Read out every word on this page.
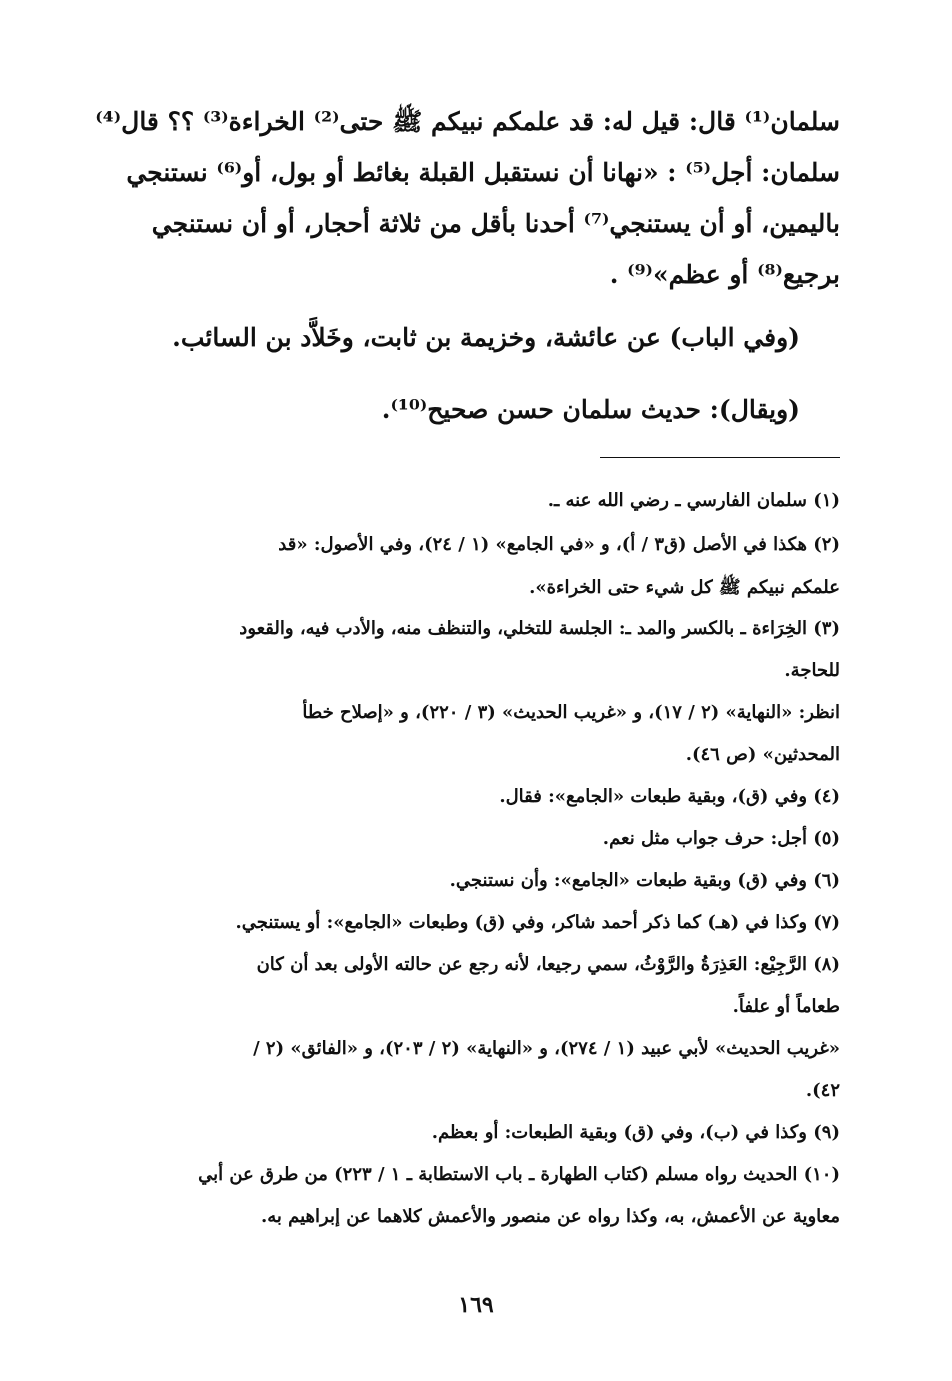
سلمان⁽¹⁾ قال: قيل له: قد علمكم نبيكم ﷺ حتى⁽²⁾ الخراءة⁽³⁾ ؟؟ قال⁽⁴⁾
سلمان: أجل⁽⁵⁾ : «نهانا أن نستقبل القبلة بغائط أو بول، أو⁽⁶⁾ نستنجي
باليمين، أو أن يستنجي⁽⁷⁾ أحدنا بأقل من ثلاثة أحجار، أو أن نستنجي
برجيع⁽⁸⁾ أو عظم»⁽⁹⁾ .
(وفي الباب) عن عائشة، وخزيمة بن ثابت، وخَلاَّد بن السائب.
(ويقال): حديث سلمان حسن صحيح⁽¹⁰⁾.
(١) سلمان الفارسي ـ رضي الله عنه ـ.
(٢) هكذا في الأصل (ق٣ / أ)، و «في الجامع» (١ / ٢٤)، وفي الأصول: «قد
علمكم نبيكم ﷺ كل شيء حتى الخراءة».
(٣) الخِرَاءة ـ بالكسر والمد ـ: الجلسة للتخلي، والتنظف منه، والأدب فيه، والقعود
للحاجة.
انظر: «النهاية» (٢ / ١٧)، و «غريب الحديث» (٣ / ٢٢٠)، و «إصلاح خطأ
المحدثين» (ص ٤٦).
(٤) وفي (ق)، وبقية طبعات «الجامع»: فقال.
(٥) أجل: حرف جواب مثل نعم.
(٦) وفي (ق) وبقية طبعات «الجامع»: وأن نستنجي.
(٧) وكذا في (هـ) كما ذكر أحمد شاكر، وفي (ق) وطبعات «الجامع»: أو يستنجي.
(٨) الرَّجِيْع: العَذِرَةُ والرَّوْثُ، سمي رجيعا، لأنه رجع عن حالته الأولى بعد أن كان
طعاماً أو علفاً.
«غريب الحديث» لأبي عبيد (١ / ٢٧٤)، و «النهاية» (٢ / ٢٠٣)، و «الفائق» (٢ /
٤٢).
(٩) وكذا في (ب)، وفي (ق) وبقية الطبعات: أو بعظم.
(١٠) الحديث رواه مسلم (كتاب الطهارة ـ باب الاستطابة ـ ١ / ٢٢٣) من طرق عن أبي
معاوية عن الأعمش، به، وكذا رواه عن منصور والأعمش كلاهما عن إبراهيم به.
١٦٩
